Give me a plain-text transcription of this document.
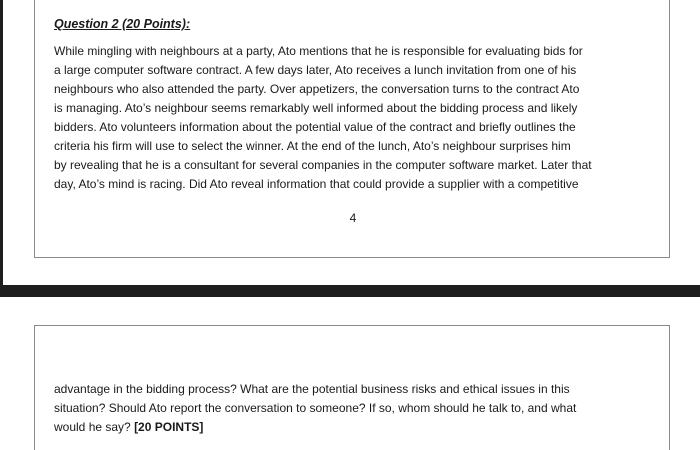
Question 2 (20 Points):
While mingling with neighbours at a party, Ato mentions that he is responsible for evaluating bids for
a large computer software contract. A few days later, Ato receives a lunch invitation from one of his
neighbours who also attended the party. Over appetizers, the conversation turns to the contract Ato
is managing. Ato’s neighbour seems remarkably well informed about the bidding process and likely
bidders. Ato volunteers information about the potential value of the contract and briefly outlines the
criteria his firm will use to select the winner. At the end of the lunch, Ato’s neighbour surprises him
by revealing that he is a consultant for several companies in the computer software market. Later that
day, Ato’s mind is racing. Did Ato reveal information that could provide a supplier with a competitive
4
advantage in the bidding process? What are the potential business risks and ethical issues in this
situation? Should Ato report the conversation to someone? If so, whom should he talk to, and what
would he say? [20 POINTS]
